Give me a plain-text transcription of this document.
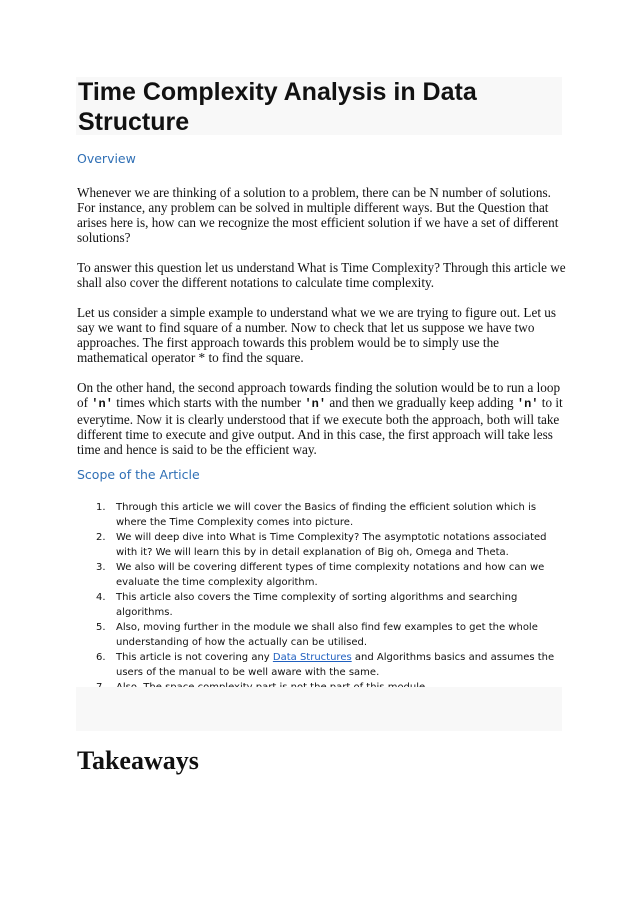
Time Complexity Analysis in Data Structure
Overview

Whenever we are thinking of a solution to a problem, there can be N number of solutions. For instance, any problem can be solved in multiple different ways. But the Question that arises here is, how can we recognize the most efficient solution if we have a set of different solutions?

To answer this question let us understand What is Time Complexity? Through this article we shall also cover the different notations to calculate time complexity.

Let us consider a simple example to understand what we we are trying to figure out. Let us say we want to find square of a number. Now to check that let us suppose we have two approaches. The first approach towards this problem would be to simply use the mathematical operator * to find the square.

On the other hand, the second approach towards finding the solution would be to run a loop of 'n' times which starts with the number 'n' and then we gradually keep adding 'n' to it everytime. Now it is clearly understood that if we execute both the approach, both will take different time to execute and give output. And in this case, the first approach will take less time and hence is said to be the efficient way.

Scope of the Article
1. Through this article we will cover the Basics of finding the efficient solution which is where the Time Complexity comes into picture.
2. We will deep dive into What is Time Complexity? The asymptotic notations associated with it? We will learn this by in detail explanation of Big oh, Omega and Theta.
3. We also will be covering different types of time complexity notations and how can we evaluate the time complexity algorithm.
4. This article also covers the Time complexity of sorting algorithms and searching algorithms.
5. Also, moving further in the module we shall also find few examples to get the whole understanding of how the actually can be utilised.
6. This article is not covering any Data Structures and Algorithms basics and assumes the users of the manual to be well aware with the same.
Takeaways
